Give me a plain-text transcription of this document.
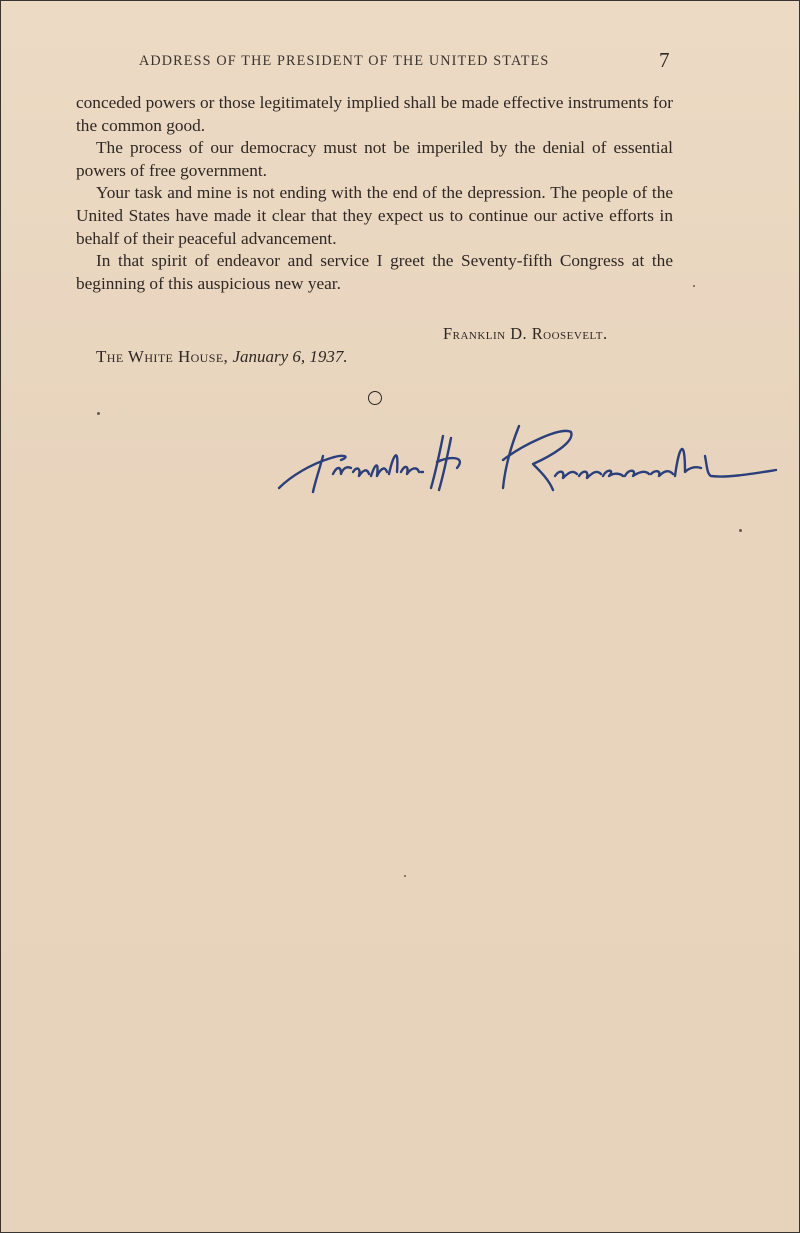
ADDRESS OF THE PRESIDENT OF THE UNITED STATES	7

conceded powers or those legitimately implied shall be made effective instruments for the common good.

The process of our democracy must not be imperiled by the denial of essential powers of free government.

Your task and mine is not ending with the end of the depression. The people of the United States have made it clear that they expect us to continue our active efforts in behalf of their peaceful advancement.

In that spirit of endeavor and service I greet the Seventy-fifth Congress at the beginning of this auspicious new year.

Franklin D. Roosevelt.
The White House, January 6, 1937.
